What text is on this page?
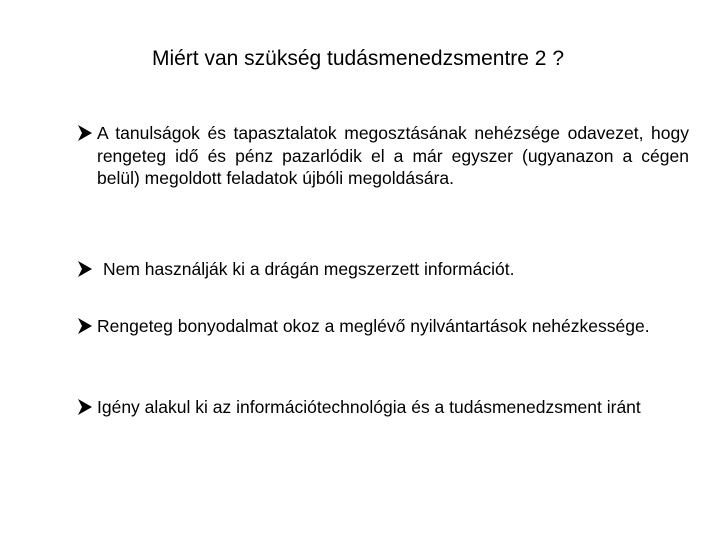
Miért van szükség tudásmenedzsmentre 2 ?
A tanulságok és tapasztalatok megosztásának nehézsége odavezet, hogy rengeteg idő és pénz pazarlódik el a már egyszer (ugyanazon a cégen belül) megoldott feladatok újbóli megoldására.
Nem használják ki a drágán megszerzett információt.
Rengeteg bonyodalmat okoz a meglévő nyilvántartások nehézkessége.
Igény alakul ki az információtechnológia és a tudásmenedzsment iránt
